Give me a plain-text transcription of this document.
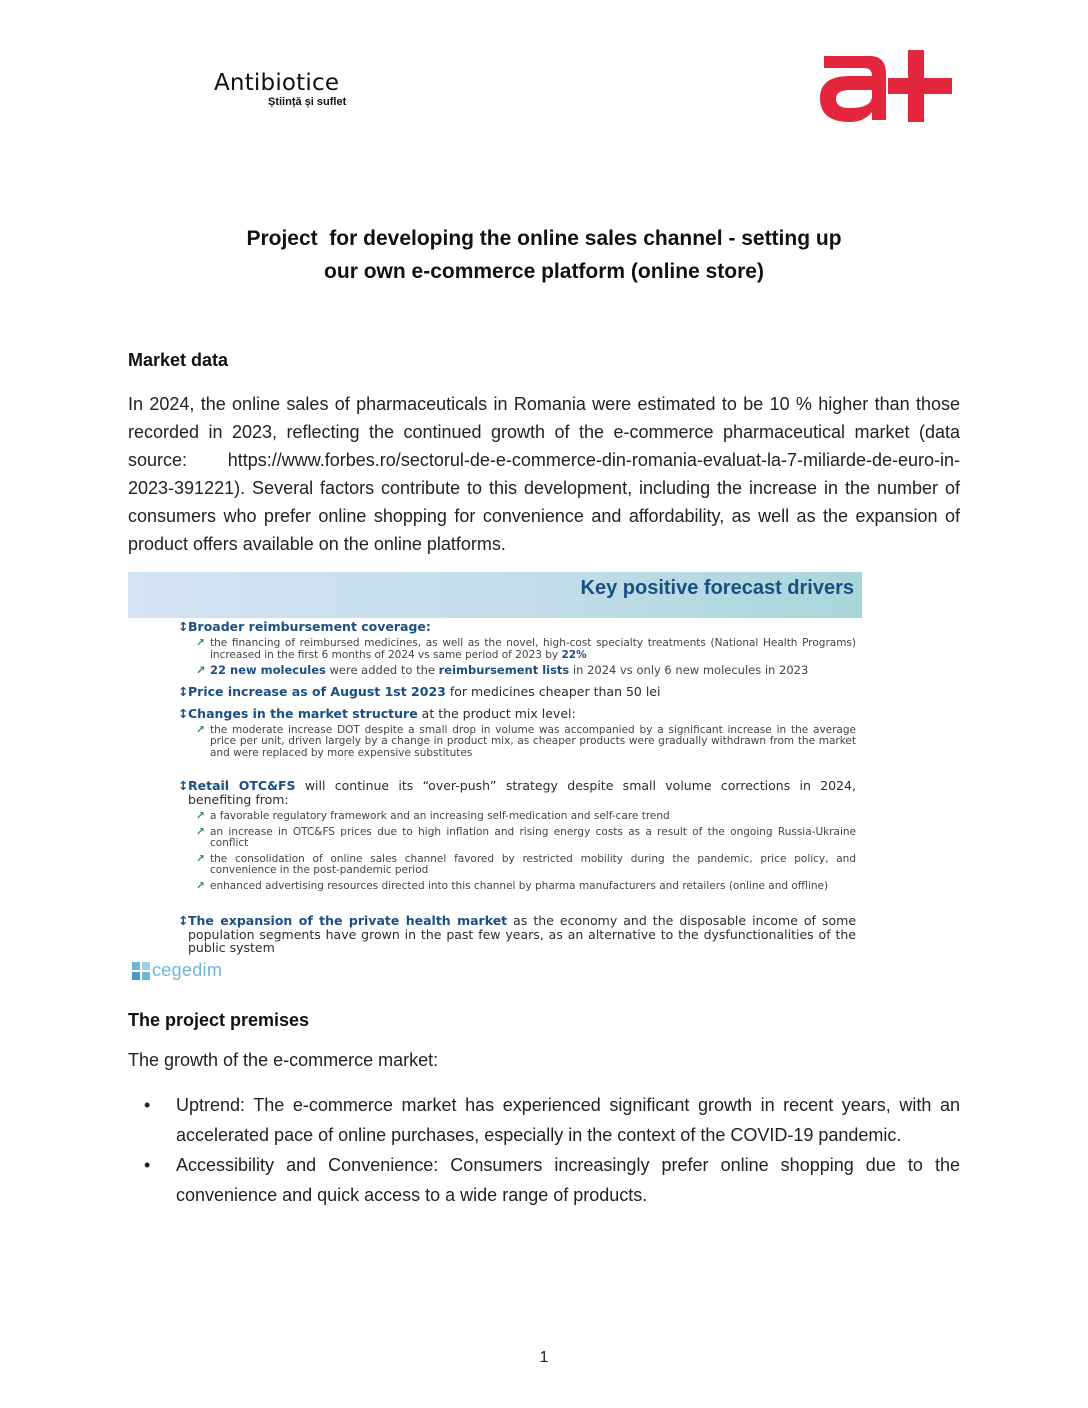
Antibiotice
Știință și suflet
Project  for developing the online sales channel - setting up
our own e-commerce platform (online store)
Market data
In 2024, the online sales of pharmaceuticals in Romania were estimated to be 10 % higher than those recorded in 2023, reflecting the continued growth of the e-commerce pharmaceutical market (data source: https://www.forbes.ro/sectorul-de-e-commerce-din-romania-evaluat-la-7-miliarde-de-euro-in-2023-391221). Several factors contribute to this development, including the increase in the number of consumers who prefer online shopping for convenience and affordability, as well as the expansion of product offers available on the online platforms.
Key positive forecast drivers
↕ Broader reimbursement coverage:
↗ the financing of reimbursed medicines, as well as the novel, high-cost specialty treatments (National Health Programs) increased in the first 6 months of 2024 vs same period of 2023 by 22%
↗ 22 new molecules were added to the reimbursement lists in 2024 vs only 6 new molecules in 2023
↕ Price increase as of August 1st 2023 for medicines cheaper than 50 lei
↕ Changes in the market structure at the product mix level:
↗ the moderate increase DOT despite a small drop in volume was accompanied by a significant increase in the average price per unit, driven largely by a change in product mix, as cheaper products were gradually withdrawn from the market and were replaced by more expensive substitutes
↕ Retail OTC&FS will continue its “over-push” strategy despite small volume corrections in 2024, benefiting from:
↗ a favorable regulatory framework and an increasing self-medication and self-care trend
↗ an increase in OTC&FS prices due to high inflation and rising energy costs as a result of the ongoing Russia-Ukraine conflict
↗ the consolidation of online sales channel favored by restricted mobility during the pandemic, price policy, and convenience in the post-pandemic period
↗ enhanced advertising resources directed into this channel by pharma manufacturers and retailers (online and offline)
↕ The expansion of the private health market as the economy and the disposable income of some population segments have grown in the past few years, as an alternative to the dysfunctionalities of the public system
cegedim
The project premises
The growth of the e-commerce market:
• Uptrend: The e-commerce market has experienced significant growth in recent years, with an accelerated pace of online purchases, especially in the context of the COVID-19 pandemic.
• Accessibility and Convenience: Consumers increasingly prefer online shopping due to the convenience and quick access to a wide range of products.
1
